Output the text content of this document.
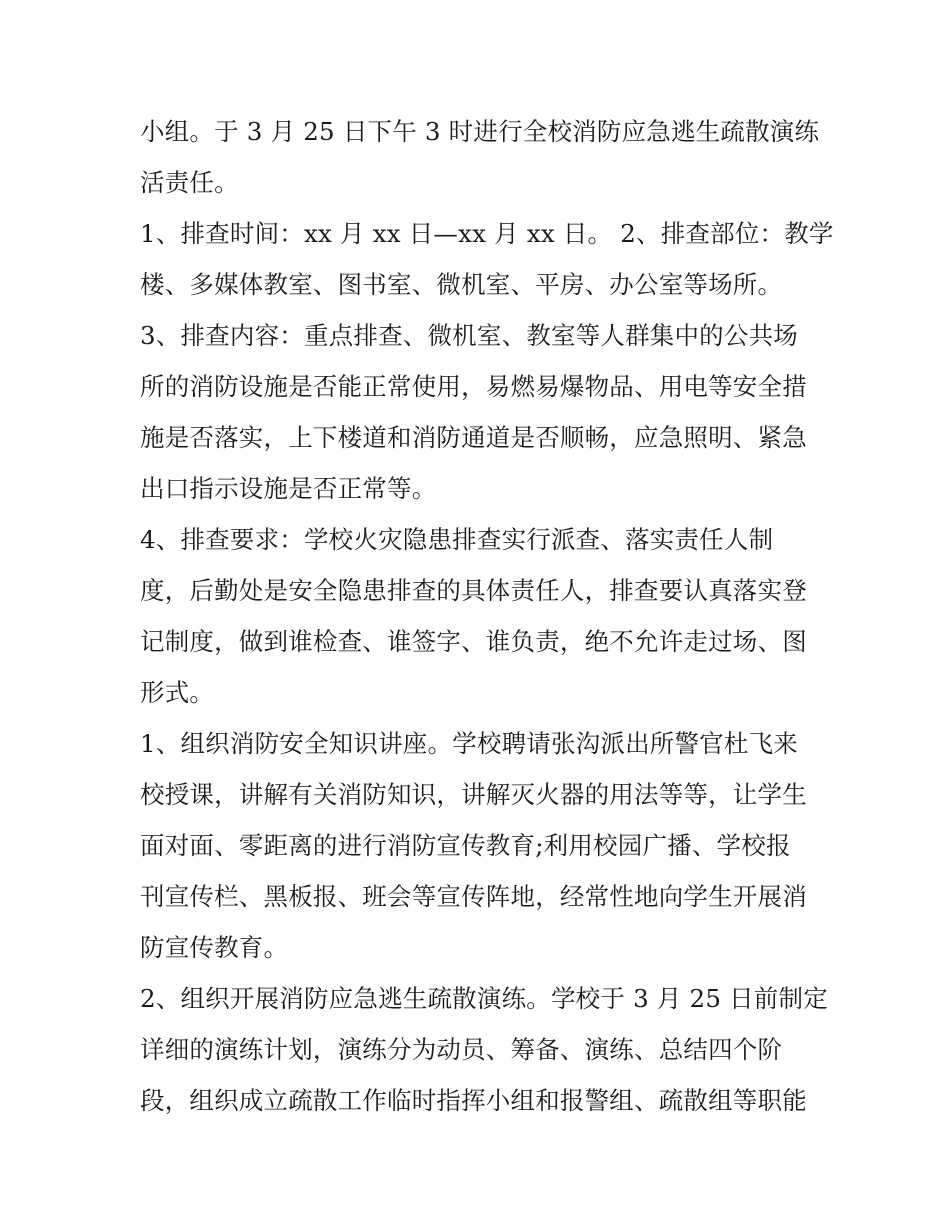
小组。于 3 月 25 日下午 3 时进行全校消防应急逃生疏散演练
活责任。
1、排查时间：xx 月 xx 日—xx 月 xx 日。 2、排查部位：教学
楼、多媒体教室、图书室、微机室、平房、办公室等场所。
3、排查内容：重点排查、微机室、教室等人群集中的公共场
所的消防设施是否能正常使用，易燃易爆物品、用电等安全措
施是否落实，上下楼道和消防通道是否顺畅，应急照明、紧急
出口指示设施是否正常等。
4、排查要求：学校火灾隐患排查实行派查、落实责任人制
度，后勤处是安全隐患排查的具体责任人，排查要认真落实登
记制度，做到谁检查、谁签字、谁负责，绝不允许走过场、图
形式。
1、组织消防安全知识讲座。学校聘请张沟派出所警官杜飞来
校授课，讲解有关消防知识，讲解灭火器的用法等等，让学生
面对面、零距离的进行消防宣传教育;利用校园广播、学校报
刊宣传栏、黑板报、班会等宣传阵地，经常性地向学生开展消
防宣传教育。
2、组织开展消防应急逃生疏散演练。学校于 3 月 25 日前制定
详细的演练计划，演练分为动员、筹备、演练、总结四个阶
段，组织成立疏散工作临时指挥小组和报警组、疏散组等职能
